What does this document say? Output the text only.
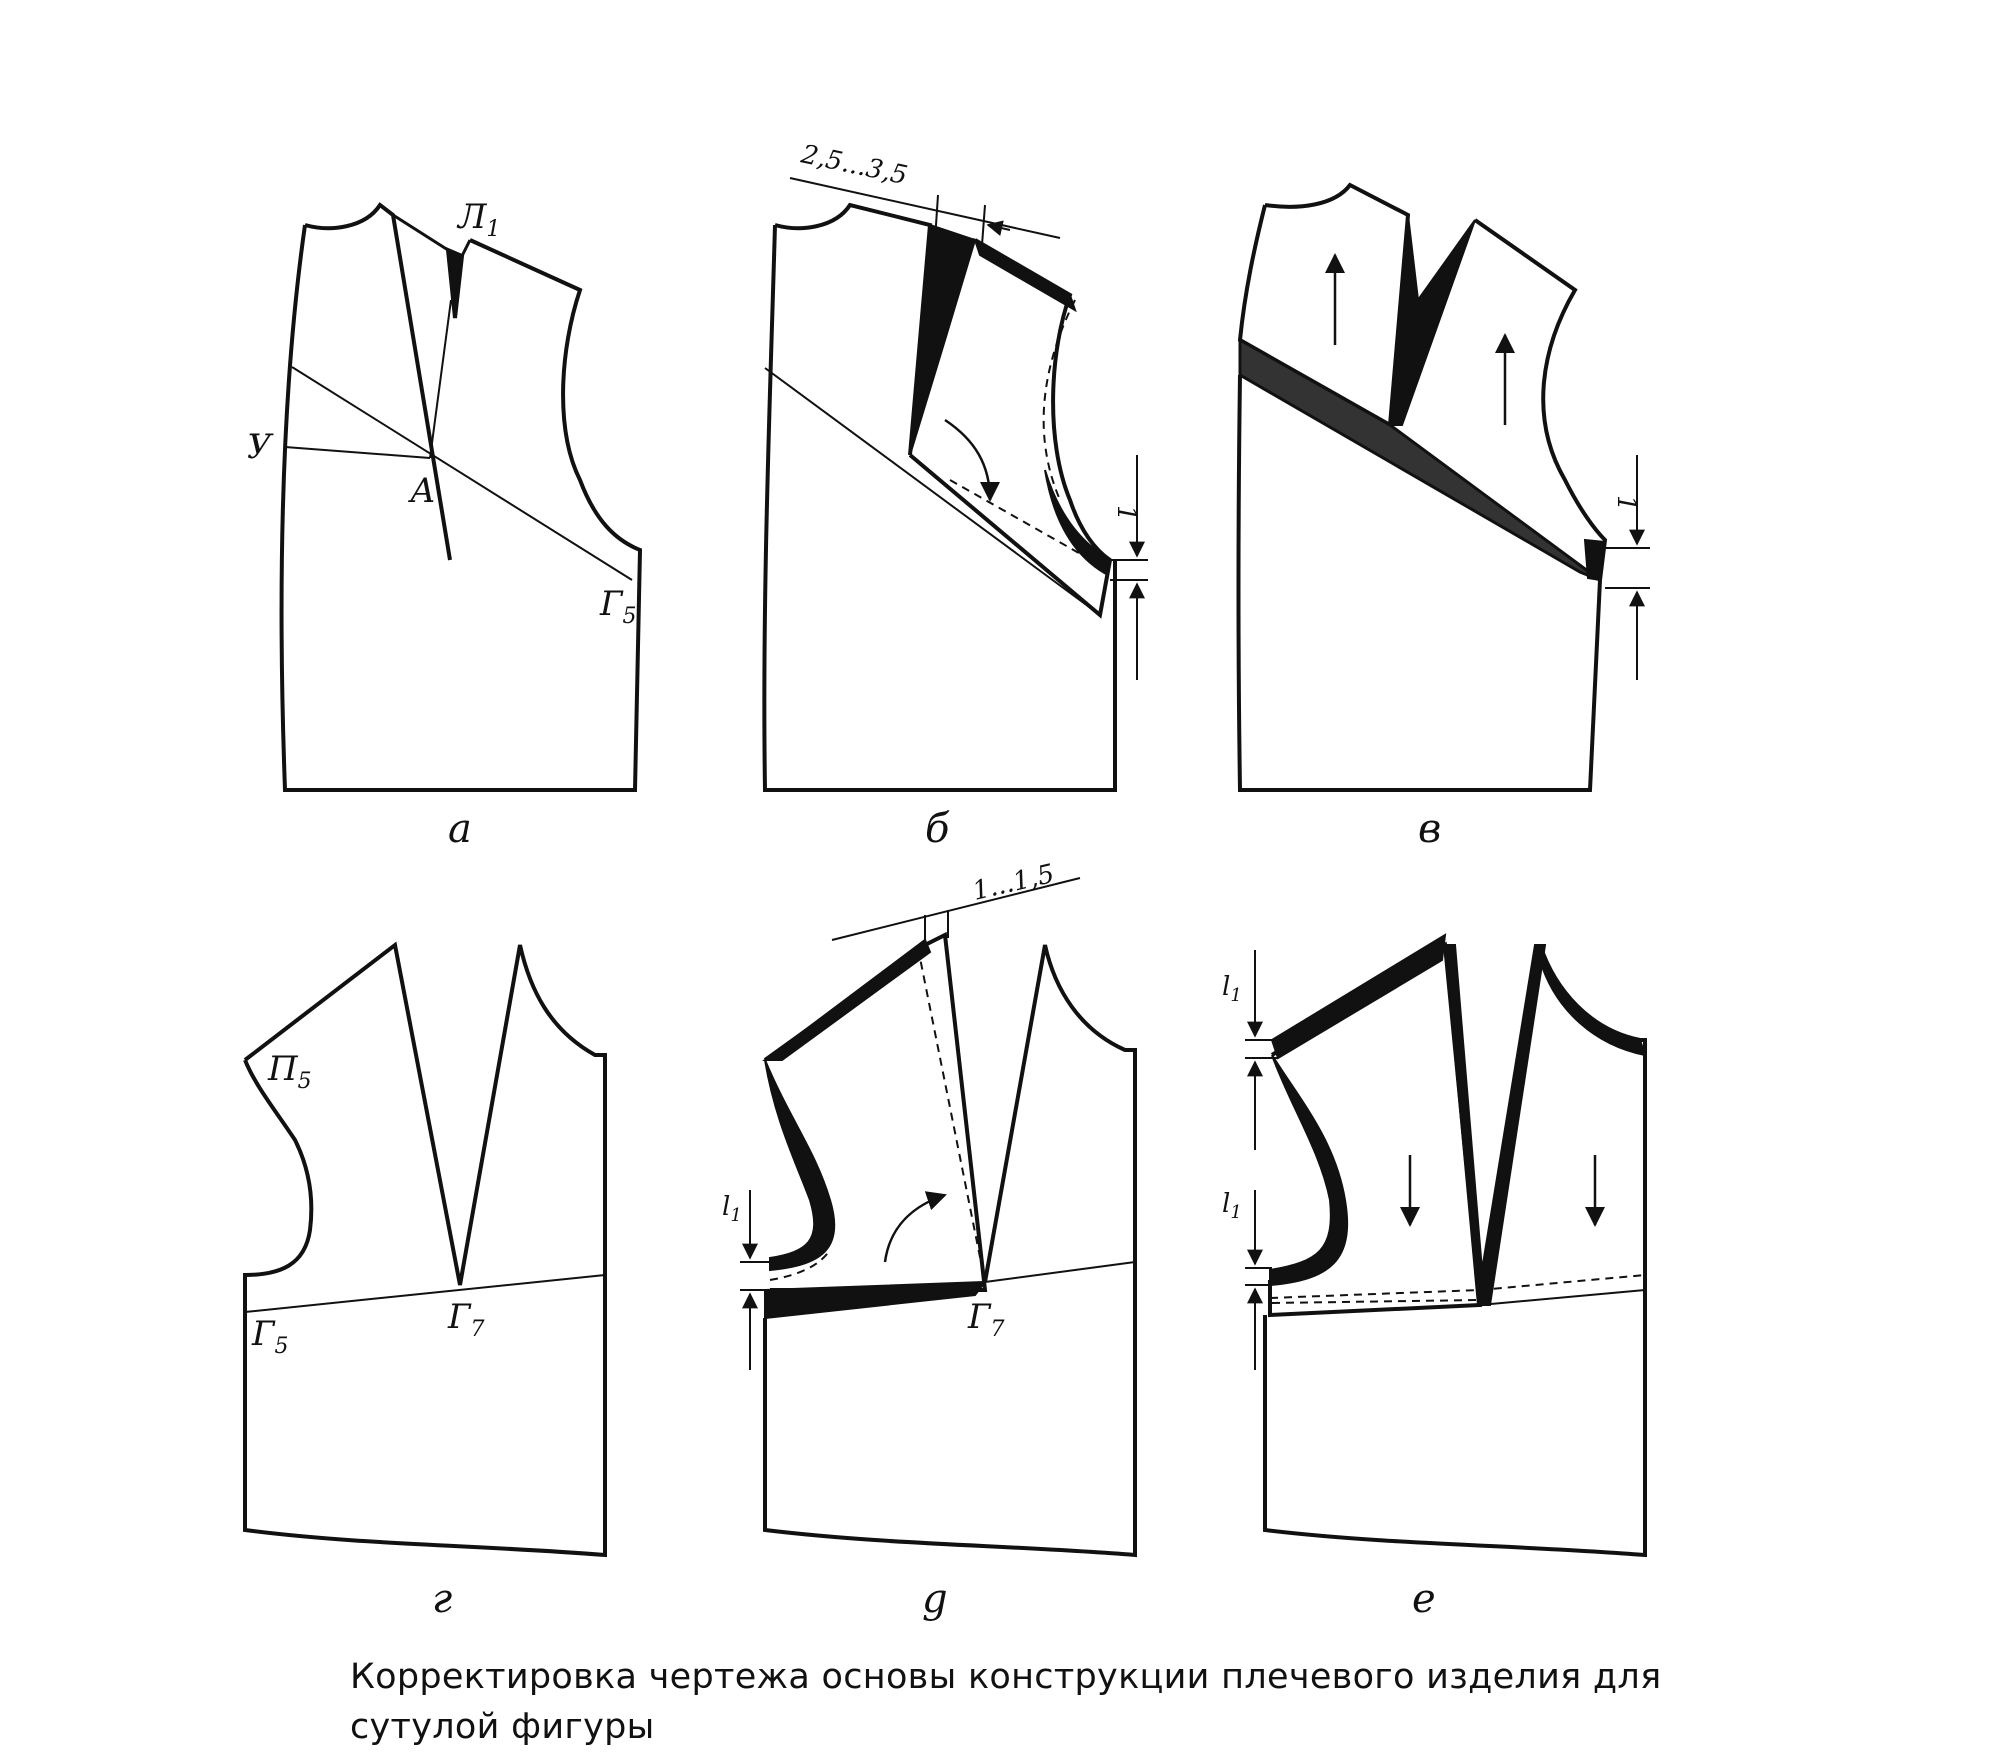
$Л_1$
У
А
$Г_5$
а
2,5...3,5
1
б
1
в
$П_5$
$Г_5$
$Г_7$
г
1...1,5
$l_1$
$Г_7$
g
$l_1$
$l_1$
е
Корректировка чертежа основы конструкции плечевого изделия для сутулой фигуры
